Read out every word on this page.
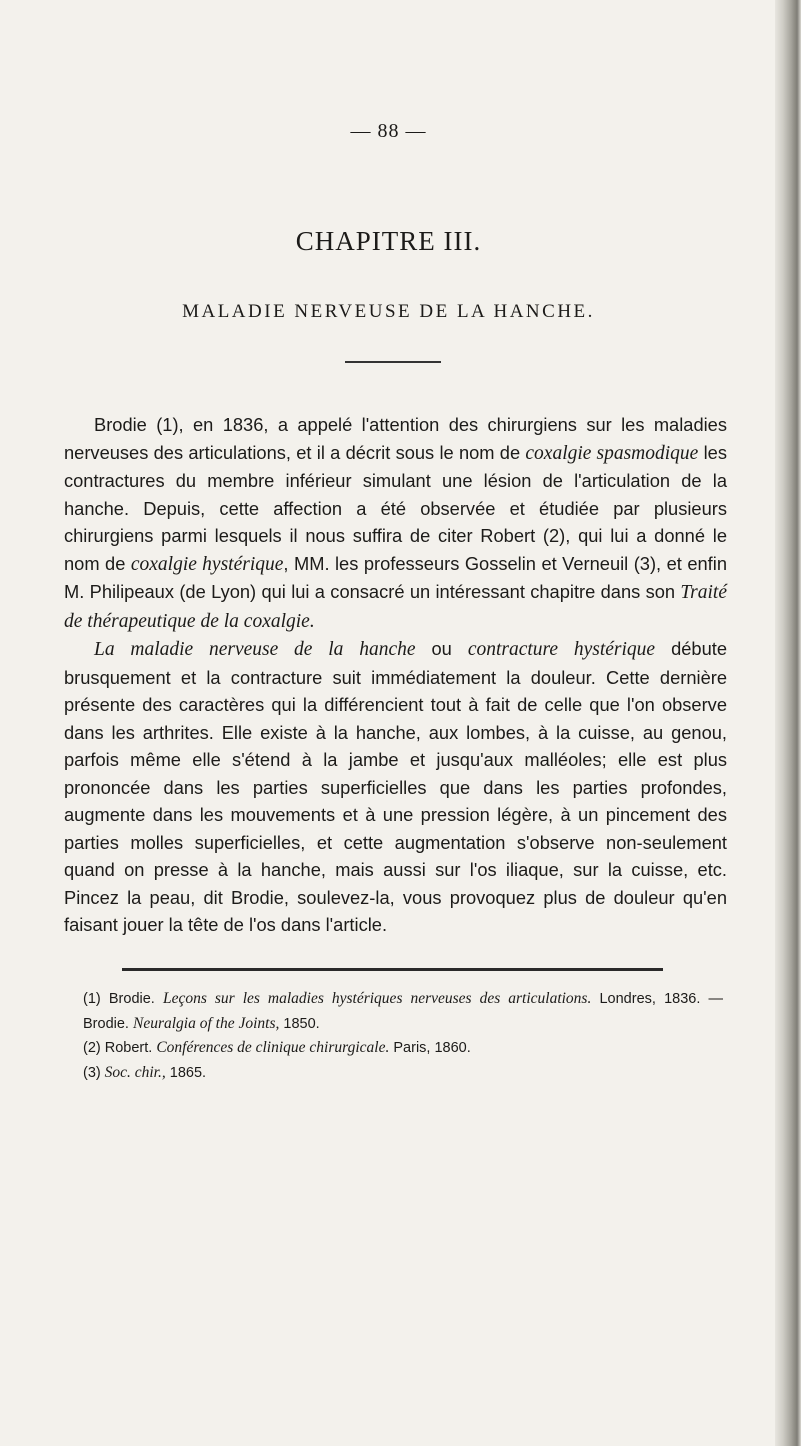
— 88 —
CHAPITRE III.
MALADIE NERVEUSE DE LA HANCHE.

Brodie (1), en 1836, a appelé l'attention des chirurgiens sur les maladies nerveuses des articulations, et il a décrit sous le nom de coxalgie spasmodique les contractures du membre inférieur simulant une lésion de l'articulation de la hanche. Depuis, cette affection a été observée et étudiée par plusieurs chirurgiens parmi lesquels il nous suffira de citer Robert (2), qui lui a donné le nom de coxalgie hystérique, MM. les professeurs Gosselin et Verneuil (3), et enfin M. Philipeaux (de Lyon) qui lui a consacré un intéressant chapitre dans son Traité de thérapeutique de la coxalgie.

La maladie nerveuse de la hanche ou contracture hystérique débute brusquement et la contracture suit immédiatement la douleur. Cette dernière présente des caractères qui la différencient tout à fait de celle que l'on observe dans les arthrites. Elle existe à la hanche, aux lombes, à la cuisse, au genou, parfois même elle s'étend à la jambe et jusqu'aux malléoles; elle est plus prononcée dans les parties superficielles que dans les parties profondes, augmente dans les mouvements et à une pression légère, à un pincement des parties molles superficielles, et cette augmentation s'observe non-seulement quand on presse à la hanche, mais aussi sur l'os iliaque, sur la cuisse, etc. Pincez la peau, dit Brodie, soulevez-la, vous provoquez plus de douleur qu'en faisant jouer la tête de l'os dans l'article.

(1) Brodie. Leçons sur les maladies hystériques nerveuses des articulations. Londres, 1836. — Brodie. Neuralgia of the Joints, 1850.
(2) Robert. Conférences de clinique chirurgicale. Paris, 1860.
(3) Soc. chir., 1865.
